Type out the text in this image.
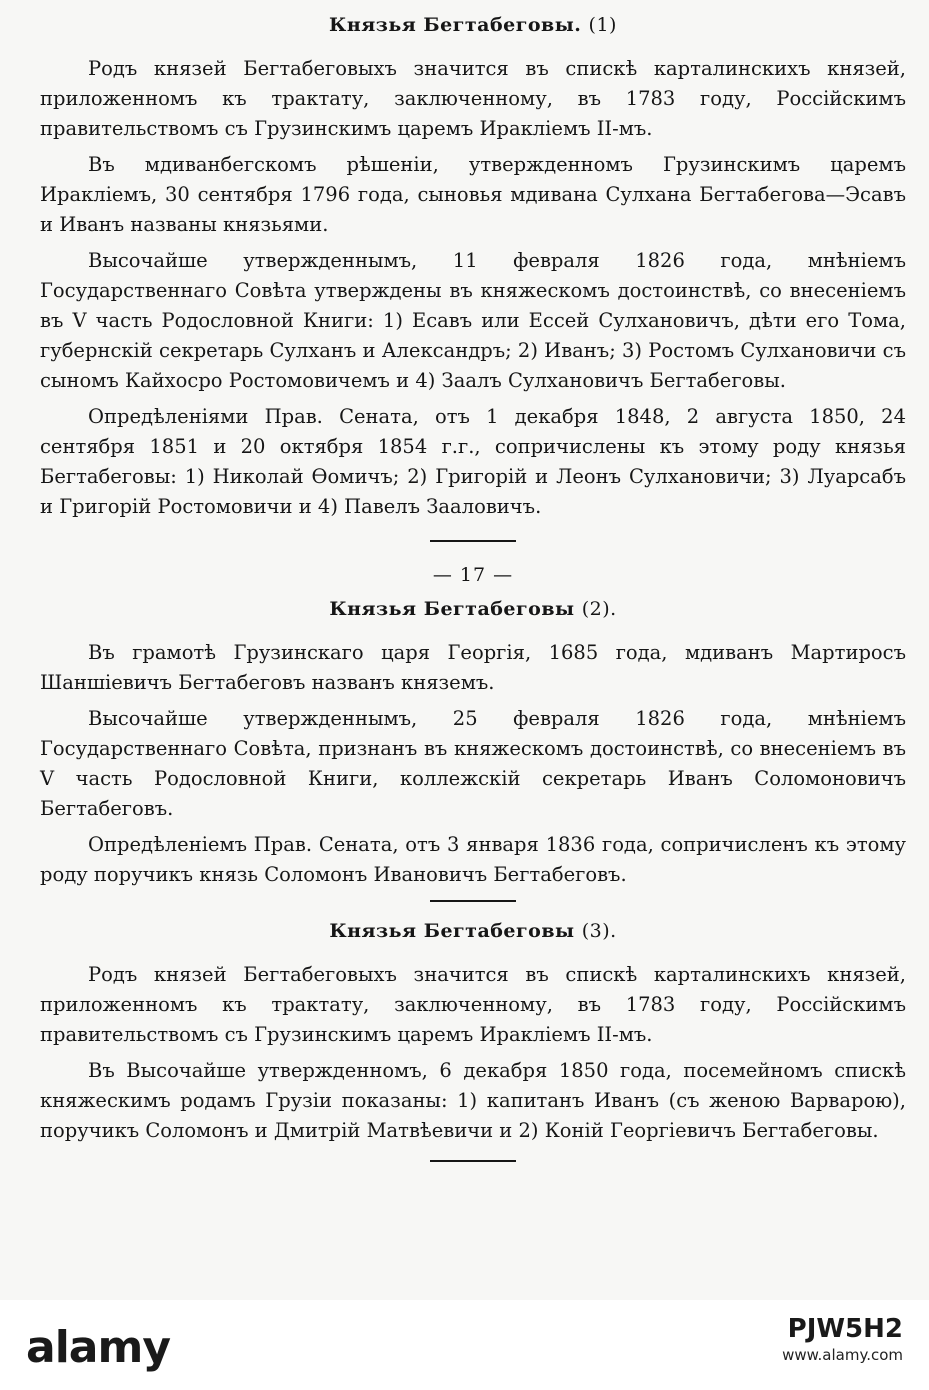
Князья Бегтабеговы. (1)

Родъ князей Бегтабеговыхъ значится въ спискѣ карталинскихъ князей, приложенномъ къ трактату, заключенному, въ 1783 году, Россійскимъ правительствомъ съ Грузинскимъ царемъ Ираклiемъ II-мъ.

Въ мдиванбегскомъ рѣшеніи, утвержденномъ Грузинскимъ царемъ Ираклiемъ, 30 сентября 1796 года, сыновья мдивана Сулхана Бегтабегова—Эсавъ и Иванъ названы князьями.

Высочайше утвержденнымъ, 11 февраля 1826 года, мнѣніемъ Государственнаго Совѣта утверждены въ княжескомъ достоинствѣ, со внесеніемъ въ V часть Родословной Книги: 1) Есавъ или Ессей Сулхановичъ, дѣти его Тома, губернскій секретарь Сулханъ и Александръ; 2) Иванъ; 3) Ростомъ Сулхановичи съ сыномъ Кайхосро Ростомовичемъ и 4) Заалъ Сулхановичъ Бегтабеговы.

Опредѣленіями Прав. Сената, отъ 1 декабря 1848, 2 августа 1850, 24 сентября 1851 и 20 октября 1854 г.г., сопричислены къ этому роду князья Бегтабеговы: 1) Николай Ѳомичъ; 2) Григорій и Леонъ Сулхановичи; 3) Луарсабъ и Григорій Ростомовичи и 4) Павелъ Заaловичъ.

— 17 —
Князья Бегтабеговы (2).

Въ грамотѣ Грузинскаго царя Георгія, 1685 года, мдиванъ Мартиросъ Шаншіевичъ Бегтабеговъ названъ княземъ.

Высочайше утвержденнымъ, 25 февраля 1826 года, мнѣніемъ Государственнаго Совѣта, признанъ въ княжескомъ достоинствѣ, со внесеніемъ въ V часть Родословной Книги, коллежскій секретарь Иванъ Соломоновичъ Бегтабеговъ.

Опредѣленіемъ Прав. Сената, отъ 3 января 1836 года, сопричисленъ къ этому роду поручикъ князь Соломонъ Ивановичъ Бегтабеговъ.

Князья Бегтабеговы (3).

Родъ князей Бегтабеговыхъ значится въ спискѣ карталинскихъ князей, приложенномъ къ трактату, заключенному, въ 1783 году, Россійскимъ правительствомъ съ Грузинскимъ царемъ Ираклiемъ II-мъ.

Въ Высочайше утвержденномъ, 6 декабря 1850 года, посемейномъ спискѣ княжескимъ родамъ Грузіи показаны: 1) капитанъ Иванъ (съ женою Варварою), поручикъ Соломонъ и Дмитрій Матвѣевичи и 2) Коній Георгіевичъ Бегтабеговы.

alamy	PJW5H2
www.alamy.com
